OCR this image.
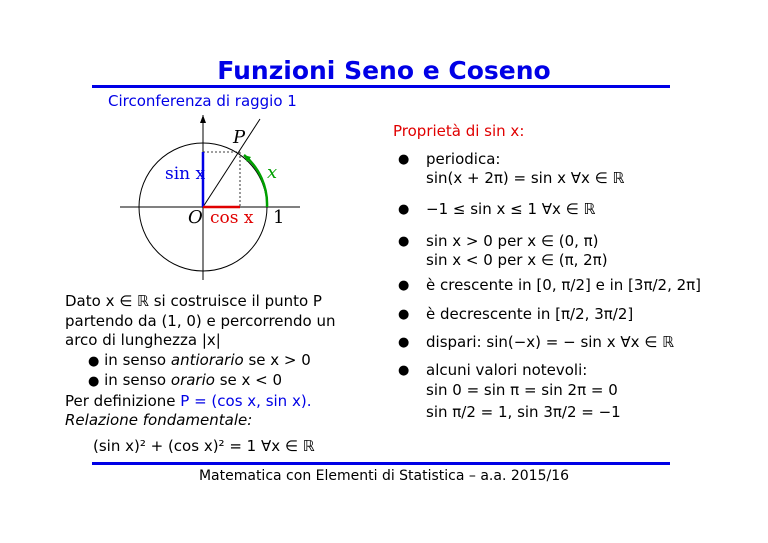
Funzioni Seno e Coseno
Circonferenza di raggio 1
P
O	1
x
sin x
cos x
Proprietà di sin x:
● periodica:
sin(x + 2π) = sin x ∀x ∈ ℝ
● −1 ≤ sin x ≤ 1 ∀x ∈ ℝ
● sin x > 0 per x ∈ (0, π)
sin x < 0 per x ∈ (π, 2π)
● è crescente in [0, π/2] e in [3π/2, 2π]
● è decrescente in [π/2, 3π/2]
● dispari: sin(−x) = − sin x ∀x ∈ ℝ
● alcuni valori notevoli:
sin 0 = sin π = sin 2π = 0
sin π/2 = 1, sin 3π/2 = −1
Dato x ∈ ℝ si costruisce il punto P
partendo da (1, 0) e percorrendo un
arco di lunghezza |x|
● in senso antiorario se x > 0
● in senso orario se x < 0
Per definizione P = (cos x, sin x).
Relazione fondamentale:
(sin x)² + (cos x)² = 1 ∀x ∈ ℝ
Matematica con Elementi di Statistica – a.a. 2015/16
